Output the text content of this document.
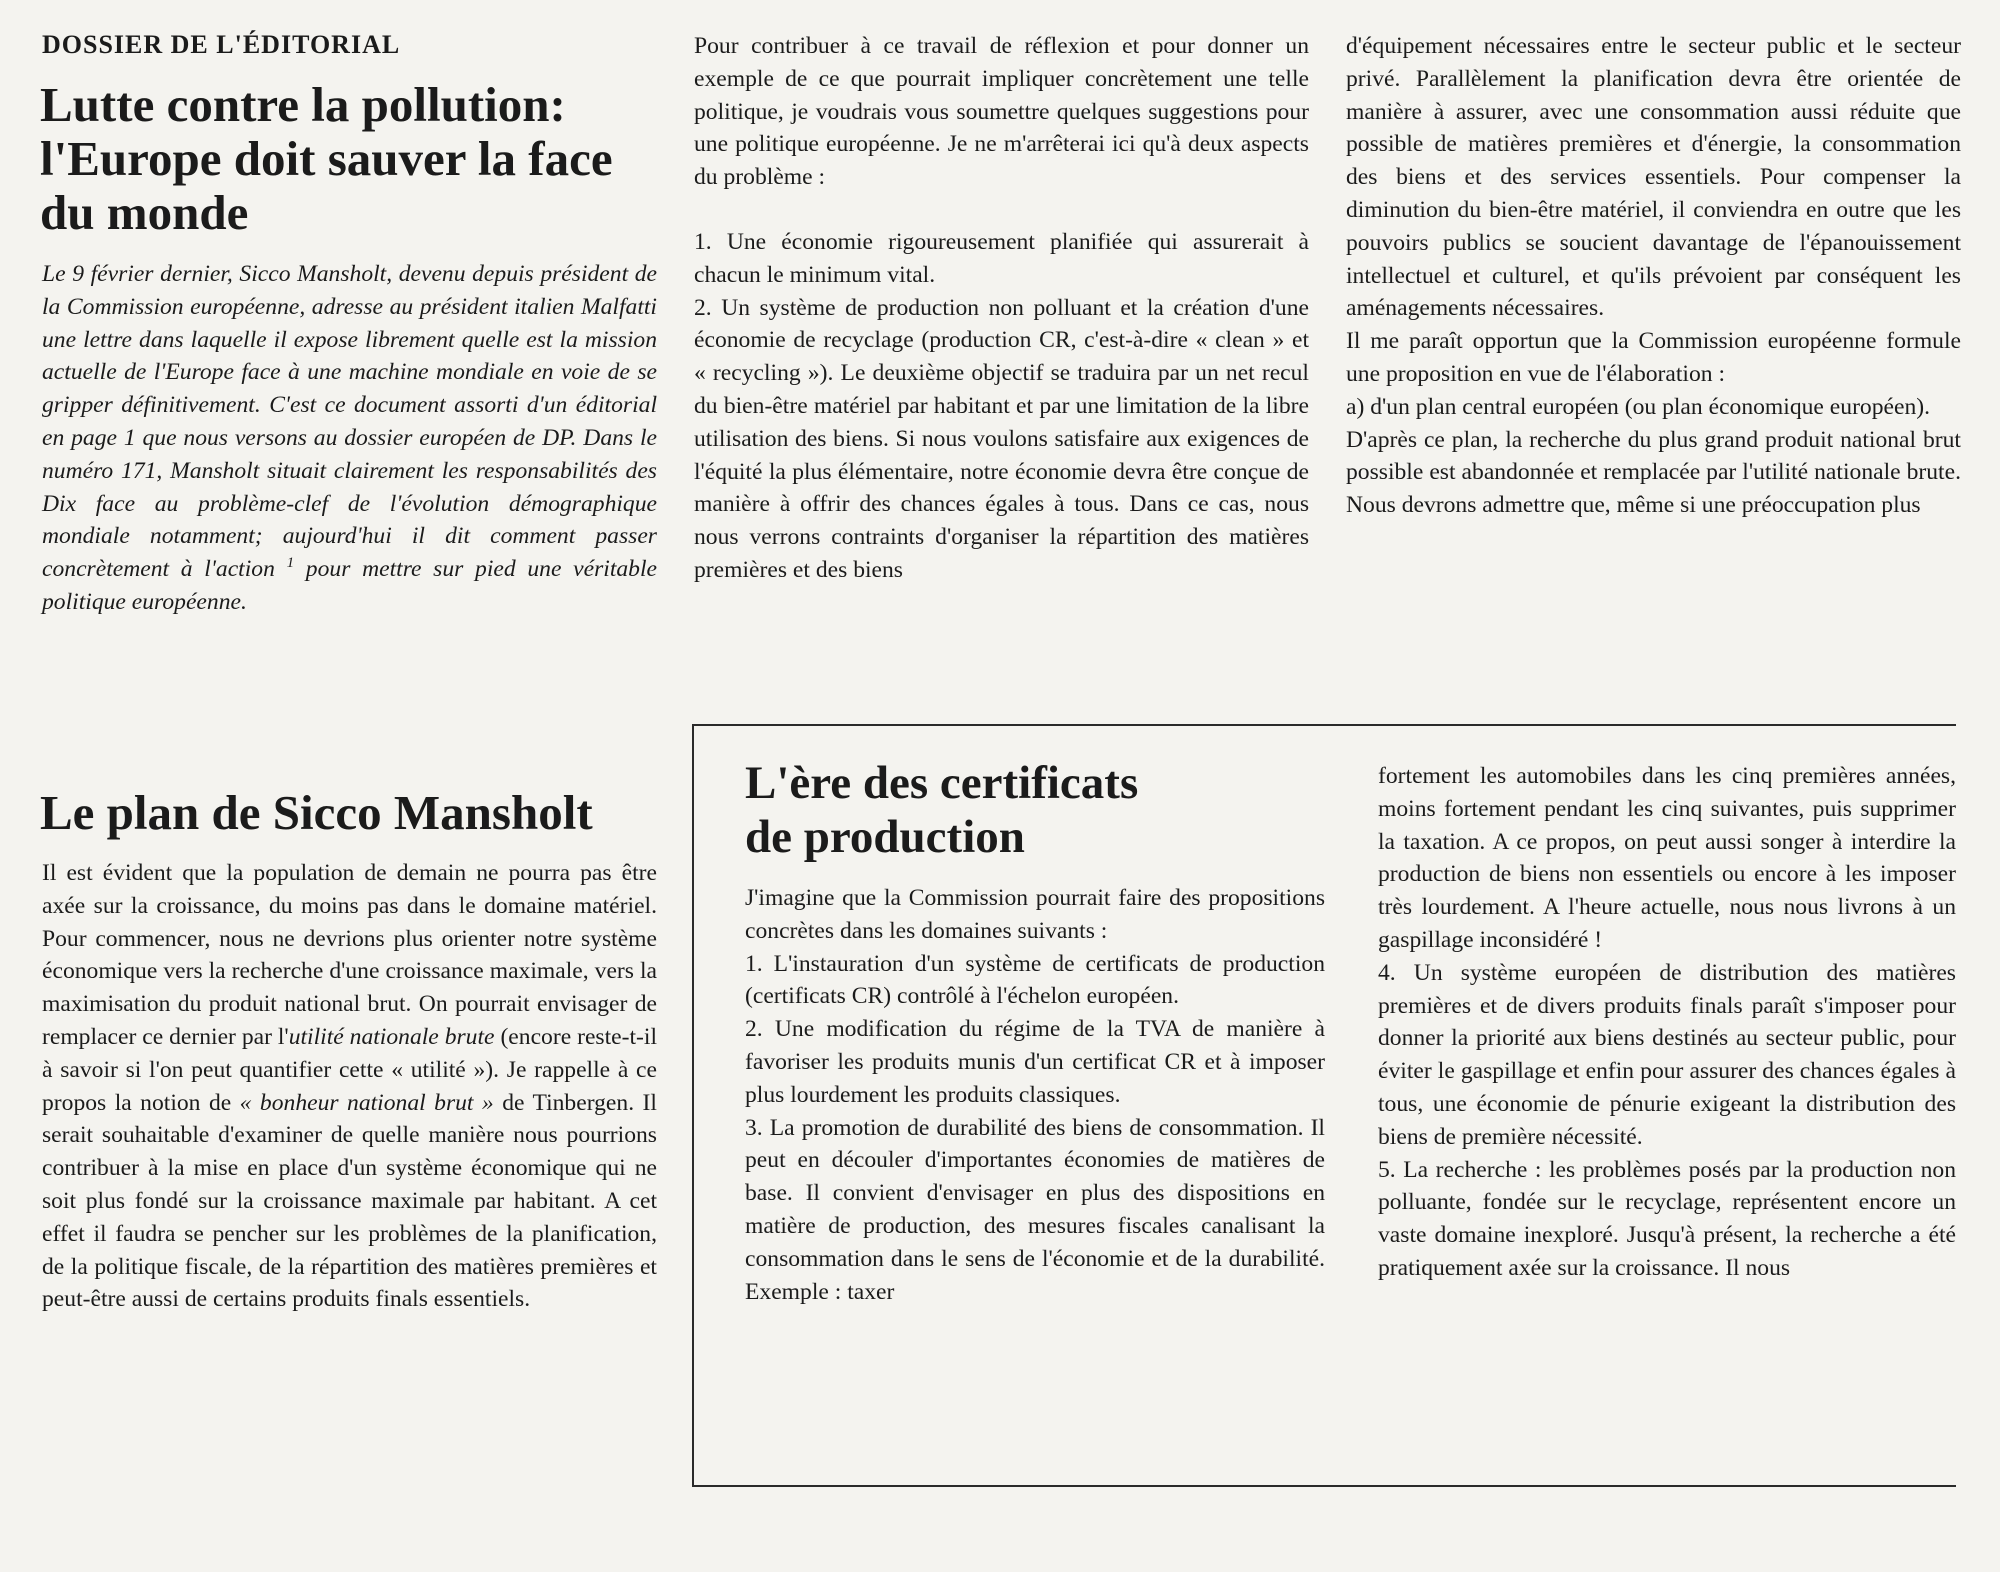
DOSSIER DE L'ÉDITORIAL
Lutte contre la pollution: l'Europe doit sauver la face du monde
Le 9 février dernier, Sicco Mansholt, devenu depuis président de la Commission européenne, adresse au président italien Malfatti une lettre dans laquelle il expose librement quelle est la mission actuelle de l'Europe face à une machine mondiale en voie de se gripper définitivement. C'est ce document assorti d'un éditorial en page 1 que nous versons au dossier européen de DP. Dans le numéro 171, Mansholt situait clairement les responsabilités des Dix face au problème-clef de l'évolution démographique mondiale notamment; aujourd'hui il dit comment passer concrètement à l'action $^1$ pour mettre sur pied une véritable politique européenne.
Le plan de Sicco Mansholt
Il est évident que la population de demain ne pourra pas être axée sur la croissance, du moins pas dans le domaine matériel. Pour commencer, nous ne devrions plus orienter notre système économique vers la recherche d'une croissance maximale, vers la maximisation du produit national brut. On pourrait envisager de remplacer ce dernier par l'utilité nationale brute (encore reste-t-il à savoir si l'on peut quantifier cette « utilité »). Je rappelle à ce propos la notion de « bonheur national brut » de Tinbergen. Il serait souhaitable d'examiner de quelle manière nous pourrions contribuer à la mise en place d'un système économique qui ne soit plus fondé sur la croissance maximale par habitant. A cet effet il faudra se pencher sur les problèmes de la planification, de la politique fiscale, de la répartition des matières premières et peut-être aussi de certains produits finals essentiels.

Pour contribuer à ce travail de réflexion et pour donner un exemple de ce que pourrait impliquer concrètement une telle politique, je voudrais vous soumettre quelques suggestions pour une politique européenne. Je ne m'arrêterai ici qu'à deux aspects du problème :

1. Une économie rigoureusement planifiée qui assurerait à chacun le minimum vital.

2. Un système de production non polluant et la création d'une économie de recyclage (production CR, c'est-à-dire « clean » et « recycling »). Le deuxième objectif se traduira par un net recul du bien-être matériel par habitant et par une limitation de la libre utilisation des biens. Si nous voulons satisfaire aux exigences de l'équité la plus élémentaire, notre économie devra être conçue de manière à offrir des chances égales à tous. Dans ce cas, nous nous verrons contraints d'organiser la répartition des matières premières et des biens

d'équipement nécessaires entre le secteur public et le secteur privé. Parallèlement la planification devra être orientée de manière à assurer, avec une consommation aussi réduite que possible de matières premières et d'énergie, la consommation des biens et des services essentiels. Pour compenser la diminution du bien-être matériel, il conviendra en outre que les pouvoirs publics se soucient davantage de l'épanouissement intellectuel et culturel, et qu'ils prévoient par conséquent les aménagements nécessaires.

Il me paraît opportun que la Commission européenne formule une proposition en vue de l'élaboration :

a) d'un plan central européen (ou plan économique européen).

D'après ce plan, la recherche du plus grand produit national brut possible est abandonnée et remplacée par l'utilité nationale brute. Nous devrons admettre que, même si une préoccupation plus

L'ère des certificats
de production

J'imagine que la Commission pourrait faire des propositions concrètes dans les domaines suivants :

1. L'instauration d'un système de certificats de production (certificats CR) contrôlé à l'échelon européen.

2. Une modification du régime de la TVA de manière à favoriser les produits munis d'un certificat CR et à imposer plus lourdement les produits classiques.

3. La promotion de durabilité des biens de consommation. Il peut en découler d'importantes économies de matières de base. Il convient d'envisager en plus des dispositions en matière de production, des mesures fiscales canalisant la consommation dans le sens de l'économie et de la durabilité. Exemple : taxer

fortement les automobiles dans les cinq premières années, moins fortement pendant les cinq suivantes, puis supprimer la taxation. A ce propos, on peut aussi songer à interdire la production de biens non essentiels ou encore à les imposer très lourdement. A l'heure actuelle, nous nous livrons à un gaspillage inconsidéré !

4. Un système européen de distribution des matières premières et de divers produits finals paraît s'imposer pour donner la priorité aux biens destinés au secteur public, pour éviter le gaspillage et enfin pour assurer des chances égales à tous, une économie de pénurie exigeant la distribution des biens de première nécessité.

5. La recherche : les problèmes posés par la production non polluante, fondée sur le recyclage, représentent encore un vaste domaine inexploré. Jusqu'à présent, la recherche a été pratiquement axée sur la croissance. Il nous
